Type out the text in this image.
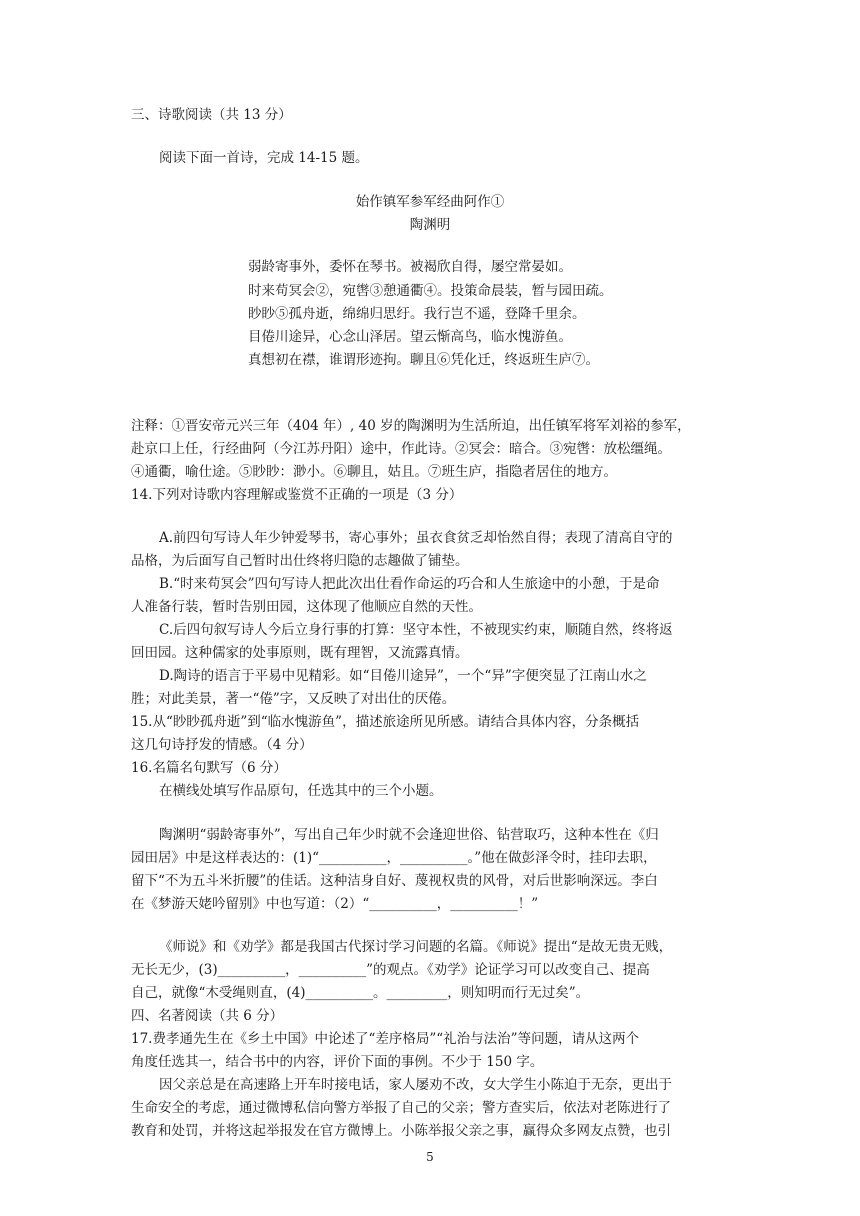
三、诗歌阅读（共 13 分）
阅读下面一首诗，完成 14-15 题。
始作镇军参军经曲阿作①
陶渊明
弱龄寄事外，委怀在琴书。被褐欣自得，屡空常晏如。
时来苟冥会②，宛辔③憩通衢④。投策命晨装，暂与园田疏。
眇眇⑤孤舟逝，绵绵归思纡。我行岂不遥，登降千里余。
目倦川途异，心念山泽居。望云惭高鸟，临水愧游鱼。
真想初在襟，谁谓形迹拘。聊且⑥凭化迁，终返班生庐⑦。
注释：①晋安帝元兴三年（404 年）, 40 岁的陶渊明为生活所迫，出任镇军将军刘裕的参军，
赴京口上任，行经曲阿（今江苏丹阳）途中，作此诗。②冥会：暗合。③宛辔：放松缰绳。
④通衢，喻仕途。⑤眇眇：渺小。⑥聊且，姑且。⑦班生庐，指隐者居住的地方。
14.下列对诗歌内容理解或鉴赏不正确的一项是（3 分）
A.前四句写诗人年少钟爱琴书，寄心事外；虽衣食贫乏却怡然自得；表现了清高自守的
品格，为后面写自己暂时出仕终将归隐的志趣做了铺垫。
B.“时来苟冥会”四句写诗人把此次出仕看作命运的巧合和人生旅途中的小憩，于是命
人准备行装，暂时告别田园，这体现了他顺应自然的天性。
C.后四句叙写诗人今后立身行事的打算：坚守本性，不被现实约束，顺随自然，终将返
回田园。这种儒家的处事原则，既有理智，又流露真情。
D.陶诗的语言于平易中见精彩。如“目倦川途异”，一个“异”字便突显了江南山水之
胜；对此美景，著一“倦”字，又反映了对出仕的厌倦。
15.从“眇眇孤舟逝”到“临水愧游鱼”，描述旅途所见所感。请结合具体内容，分条概括
这几句诗抒发的情感。（4 分）
16.名篇名句默写（6 分）
在横线处填写作品原句，任选其中的三个小题。
陶渊明“弱龄寄事外”，写出自己年少时就不会逢迎世俗、钻营取巧，这种本性在《归
园田居》中是这样表达的：(1)“__________，__________。”他在做彭泽令时，挂印去职，
留下“不为五斗米折腰”的佳话。这种洁身自好、蔑视权贵的风骨，对后世影响深远。李白
在《梦游天姥吟留别》中也写道：（2）“__________，__________！”
《师说》和《劝学》都是我国古代探讨学习问题的名篇。《师说》提出“是故无贵无贱，
无长无少，(3)__________，__________”的观点。《劝学》论证学习可以改变自己、提高
自己，就像“木受绳则直，(4)__________。_________，则知明而行无过矣”。
四、名著阅读（共 6 分）
17.费孝通先生在《乡土中国》中论述了“差序格局”“礼治与法治”等问题，请从这两个
角度任选其一，结合书中的内容，评价下面的事例。不少于 150 字。
因父亲总是在高速路上开车时接电话，家人屡劝不改，女大学生小陈迫于无奈，更出于
生命安全的考虑，通过微博私信向警方举报了自己的父亲；警方查实后，依法对老陈进行了
5
教育和处罚，并将这起举报发在官方微博上。小陈举报父亲之事，赢得众多网友点赞，也引
